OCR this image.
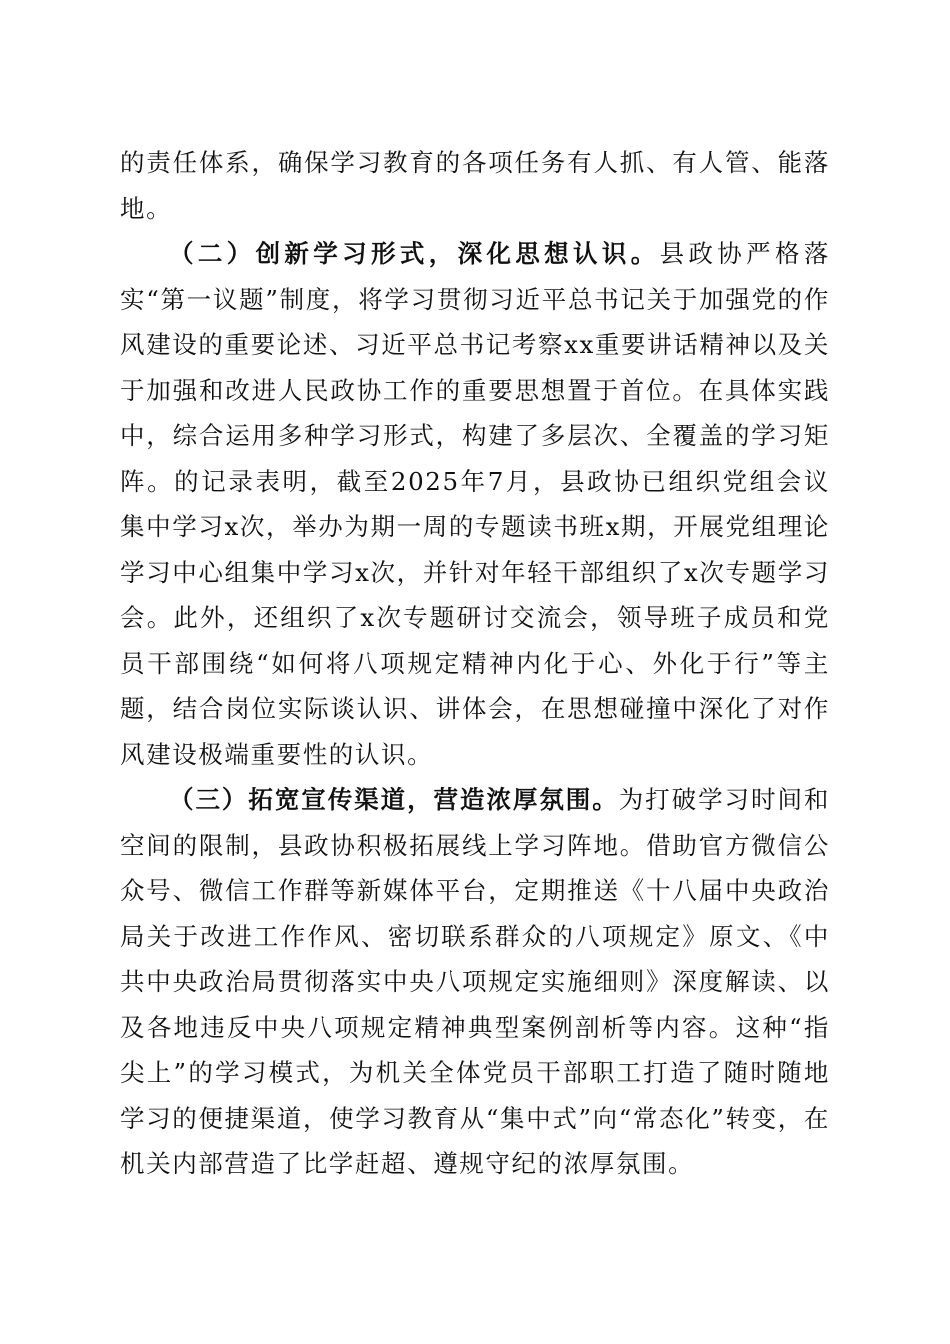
的责任体系，确保学习教育的各项任务有人抓、有人管、能落地。

（二）创新学习形式，深化思想认识。县政协严格落实“第一议题”制度，将学习贯彻习近平总书记关于加强党的作风建设的重要论述、习近平总书记考察xx重要讲话精神以及关于加强和改进人民政协工作的重要思想置于首位。在具体实践中，综合运用多种学习形式，构建了多层次、全覆盖的学习矩阵。的记录表明，截至2025年7月，县政协已组织党组会议集中学习x次，举办为期一周的专题读书班x期，开展党组理论学习中心组集中学习x次，并针对年轻干部组织了x次专题学习会。此外，还组织了x次专题研讨交流会，领导班子成员和党员干部围绕“如何将八项规定精神内化于心、外化于行”等主题，结合岗位实际谈认识、讲体会，在思想碰撞中深化了对作风建设极端重要性的认识。

（三）拓宽宣传渠道，营造浓厚氛围。为打破学习时间和空间的限制，县政协积极拓展线上学习阵地。借助官方微信公众号、微信工作群等新媒体平台，定期推送《十八届中央政治局关于改进工作作风、密切联系群众的八项规定》原文、《中共中央政治局贯彻落实中央八项规定实施细则》深度解读、以及各地违反中央八项规定精神典型案例剖析等内容。这种“指尖上”的学习模式，为机关全体党员干部职工打造了随时随地学习的便捷渠道，使学习教育从“集中式”向“常态化”转变，在机关内部营造了比学赶超、遵规守纪的浓厚氛围。
